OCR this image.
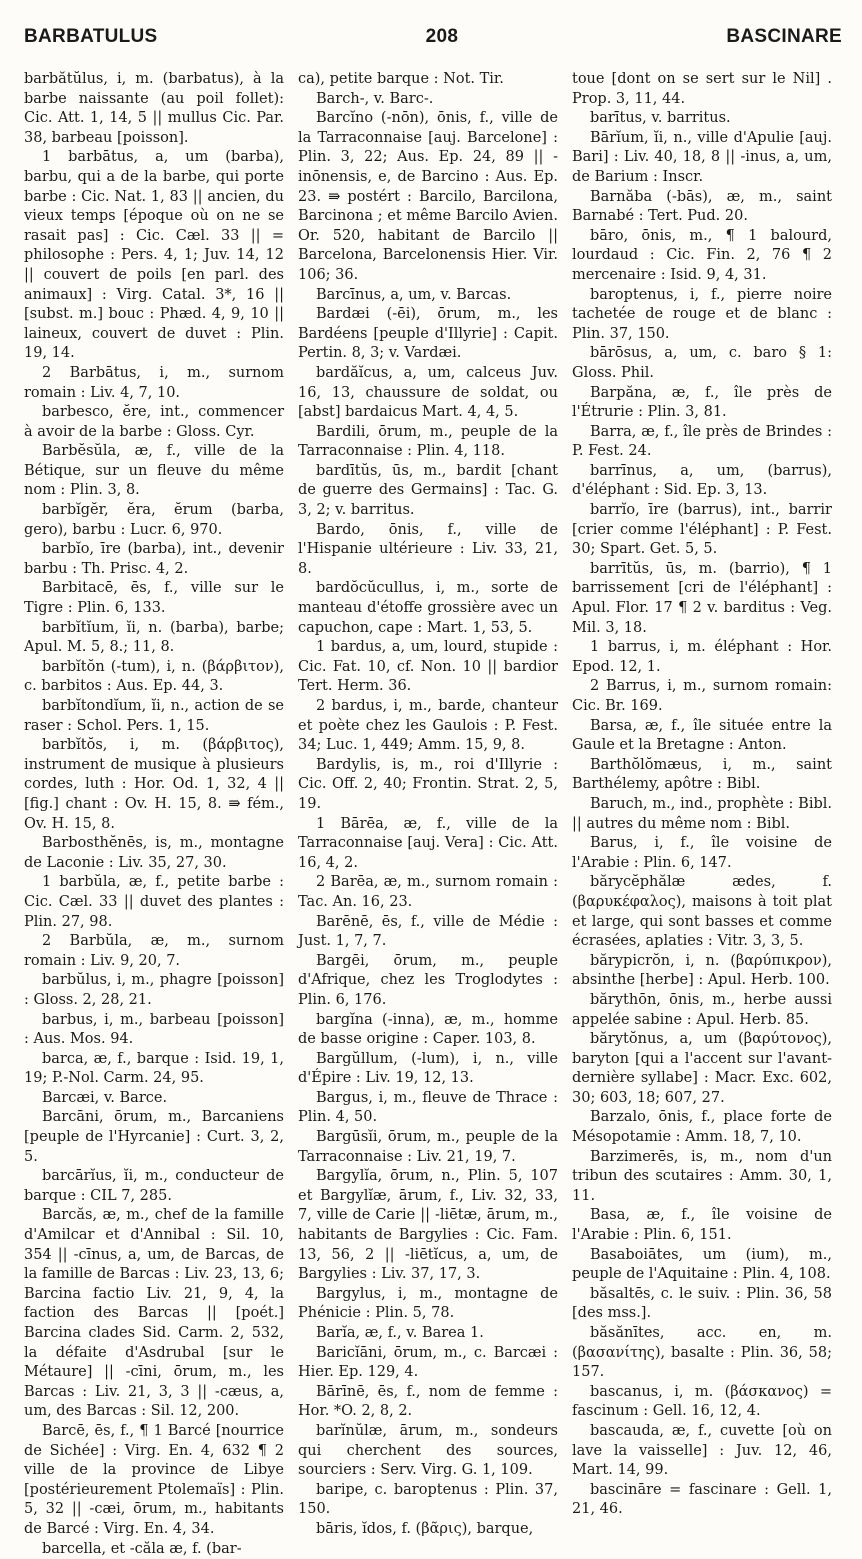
BARBATULUS	208	BASCINARE

barbătŭlus, i, m. (barbatus), à la barbe naissante (au poil follet): Cic. Att. 1, 14, 5 || mullus Cic. Par. 38, barbeau [poisson].

1 barbātus, a, um (barba), barbu, qui a de la barbe, qui porte barbe : Cic. Nat. 1, 83 || ancien, du vieux temps [époque où on ne se rasait pas] : Cic. Cæl. 33 || = philosophe : Pers. 4, 1; Juv. 14, 12 || couvert de poils [en parl. des animaux] : Virg. Catal. 3*, 16 || [subst. m.] bouc : Phæd. 4, 9, 10 || laineux, couvert de duvet : Plin. 19, 14.

2 Barbātus, i, m., surnom romain : Liv. 4, 7, 10.

barbesco, ĕre, int., commencer à avoir de la barbe : Gloss. Cyr.

Barbĕsŭla, æ, f., ville de la Bétique, sur un fleuve du même nom : Plin. 3, 8.

barbĭgĕr, ĕra, ĕrum (barba, gero), barbu : Lucr. 6, 970.

barbĭo, īre (barba), int., devenir barbu : Th. Prisc. 4, 2.

Barbitacē, ēs, f., ville sur le Tigre : Plin. 6, 133.

barbĭtĭum, ĭi, n. (barba), barbe; Apul. M. 5, 8.; 11, 8.

barbĭtŏn (-tum), i, n. (βάρβιτον), c. barbitos : Aus. Ep. 44, 3.

barbĭtondĭum, ĭi, n., action de se raser : Schol. Pers. 1, 15.

barbĭtŏs, i, m. (βάρβιτος), instrument de musique à plusieurs cordes, luth : Hor. Od. 1, 32, 4 || [fig.] chant : Ov. H. 15, 8. ⇛ fém., Ov. H. 15, 8.

Barbosthĕnēs, is, m., montagne de Laconie : Liv. 35, 27, 30.

1 barbŭla, æ, f., petite barbe : Cic. Cæl. 33 || duvet des plantes : Plin. 27, 98.

2 Barbŭla, æ, m., surnom romain : Liv. 9, 20, 7.

barbŭlus, i, m., phagre [poisson] : Gloss. 2, 28, 21.

barbus, i, m., barbeau [poisson] : Aus. Mos. 94.

barca, æ, f., barque : Isid. 19, 1, 19; P.-Nol. Carm. 24, 95.

Barcæi, v. Barce.

Barcāni, ōrum, m., Barcaniens [peuple de l'Hyrcanie] : Curt. 3, 2, 5.

barcārĭus, ĭi, m., conducteur de barque : CIL 7, 285.

Barcăs, æ, m., chef de la famille d'Amilcar et d'Annibal : Sil. 10, 354 || -cīnus, a, um, de Barcas, de la famille de Barcas : Liv. 23, 13, 6; Barcina factio Liv. 21, 9, 4, la faction des Barcas || [poét.] Barcina clades Sid. Carm. 2, 532, la défaite d'Asdrubal [sur le Métaure] || -cīni, ōrum, m., les Barcas : Liv. 21, 3, 3 || -cæus, a, um, des Barcas : Sil. 12, 200.

Barcē, ēs, f., ¶ 1 Barcé [nourrice de Sichée] : Virg. En. 4, 632 ¶ 2 ville de la province de Libye [postérieurement Ptolemaïs] : Plin. 5, 32 || -cæi, ōrum, m., habitants de Barcé : Virg. En. 4, 34.

barcella, et -căla æ, f. (bar-

ca), petite barque : Not. Tir.

Barch-, v. Barc-.

Barcĭno (-nōn), ōnis, f., ville de la Tarraconnaise [auj. Barcelone] : Plin. 3, 22; Aus. Ep. 24, 89 || -inōnensis, e, de Barcino : Aus. Ep. 23. ⇛ postért : Barcilo, Barcilona, Barcinona ; et même Barcilo Avien. Or. 520, habitant de Barcilo || Barcelona, Barcelonensis Hier. Vir. 106; 36.

Barcīnus, a, um, v. Barcas.

Bardæi (-ēi), ōrum, m., les Bardéens [peuple d'Illyrie] : Capit. Pertin. 8, 3; v. Vardæi.

bardăĭcus, a, um, calceus Juv. 16, 13, chaussure de soldat, ou [abst] bardaicus Mart. 4, 4, 5.

Bardili, ōrum, m., peuple de la Tarraconnaise : Plin. 4, 118.

bardītŭs, ūs, m., bardit [chant de guerre des Germains] : Tac. G. 3, 2; v. barritus.

Bardo, ōnis, f., ville de l'Hispanie ultérieure : Liv. 33, 21, 8.

bardŏcŭcullus, i, m., sorte de manteau d'étoffe grossière avec un capuchon, cape : Mart. 1, 53, 5.

1 bardus, a, um, lourd, stupide : Cic. Fat. 10, cf. Non. 10 || bardior Tert. Herm. 36.

2 bardus, i, m., barde, chanteur et poète chez les Gaulois : P. Fest. 34; Luc. 1, 449; Amm. 15, 9, 8.

Bardylis, is, m., roi d'Illyrie : Cic. Off. 2, 40; Frontin. Strat. 2, 5, 19.

1 Bārēa, æ, f., ville de la Tarraconnaise [auj. Vera] : Cic. Att. 16, 4, 2.

2 Barēa, æ, m., surnom romain : Tac. An. 16, 23.

Barēnē, ēs, f., ville de Médie : Just. 1, 7, 7.

Bargēi, ōrum, m., peuple d'Afrique, chez les Troglodytes : Plin. 6, 176.

bargĭna (-inna), æ, m., homme de basse origine : Caper. 103, 8.

Bargŭllum, (-lum), i, n., ville d'Épire : Liv. 19, 12, 13.

Bargus, i, m., fleuve de Thrace : Plin. 4, 50.

Bargūsĭi, ōrum, m., peuple de la Tarraconnaise : Liv. 21, 19, 7.

Bargylĭa, ōrum, n., Plin. 5, 107 et Bargylĭæ, ārum, f., Liv. 32, 33, 7, ville de Carie || -liētæ, ārum, m., habitants de Bargylies : Cic. Fam. 13, 56, 2 || -liētĭcus, a, um, de Bargylies : Liv. 37, 17, 3.

Bargylus, i, m., montagne de Phénicie : Plin. 5, 78.

Barĭa, æ, f., v. Barea 1.

Baricĭāni, ōrum, m., c. Barcæi : Hier. Ep. 129, 4.

Bārīnē, ēs, f., nom de femme : Hor. *O. 2, 8, 2.

barĭnŭlæ, ārum, m., sondeurs qui cherchent des sources, sourciers : Serv. Virg. G. 1, 109.

baripe, c. baroptenus : Plin. 37, 150.

bāris, ĭdos, f. (βᾶρις), barque,

toue [dont on se sert sur le Nil] . Prop. 3, 11, 44.

barītus, v. barritus.

Bārĭum, ĭi, n., ville d'Apulie [auj. Bari] : Liv. 40, 18, 8 || -inus, a, um, de Barium : Inscr.

Barnăba (-bās), æ, m., saint Barnabé : Tert. Pud. 20.

bāro, ōnis, m., ¶ 1 balourd, lourdaud : Cic. Fin. 2, 76 ¶ 2 mercenaire : Isid. 9, 4, 31.

baroptenus, i, f., pierre noire tachetée de rouge et de blanc : Plin. 37, 150.

bārōsus, a, um, c. baro § 1: Gloss. Phil.

Barpăna, æ, f., île près de l'Étrurie : Plin. 3, 81.

Barra, æ, f., île près de Brindes : P. Fest. 24.

barrīnus, a, um, (barrus), d'éléphant : Sid. Ep. 3, 13.

barrĭo, īre (barrus), int., barrir [crier comme l'éléphant] : P. Fest. 30; Spart. Get. 5, 5.

barrītŭs, ūs, m. (barrio), ¶ 1 barrissement [cri de l'éléphant] : Apul. Flor. 17 ¶ 2 v. barditus : Veg. Mil. 3, 18.

1 barrus, i, m. éléphant : Hor. Epod. 12, 1.

2 Barrus, i, m., surnom romain: Cic. Br. 169.

Barsa, æ, f., île située entre la Gaule et la Bretagne : Anton.

Barthŏlŏmæus, i, m., saint Barthélemy, apôtre : Bibl.

Baruch, m., ind., prophète : Bibl. || autres du même nom : Bibl.

Barus, i, f., île voisine de l'Arabie : Plin. 6, 147.

bărycĕphălæ ædes, f. (βαρυκέφαλος), maisons à toit plat et large, qui sont basses et comme écrasées, aplaties : Vitr. 3, 3, 5.

bărypicrŏn, i, n. (βαρύπικρον), absinthe [herbe] : Apul. Herb. 100.

bărythōn, ōnis, m., herbe aussi appelée sabine : Apul. Herb. 85.

bărytŏnus, a, um (βαρύτονος), baryton [qui a l'accent sur l'avant-dernière syllabe] : Macr. Exc. 602, 30; 603, 18; 607, 27.

Barzalo, ōnis, f., place forte de Mésopotamie : Amm. 18, 7, 10.

Barzimerēs, is, m., nom d'un tribun des scutaires : Amm. 30, 1, 11.

Basa, æ, f., île voisine de l'Arabie : Plin. 6, 151.

Basaboiātes, um (ium), m., peuple de l'Aquitaine : Plin. 4, 108.

băsaltēs, c. le suiv. : Plin. 36, 58 [des mss.].

băsănītes, acc. en, m. (βασανίτης), basalte : Plin. 36, 58; 157.

bascanus, i, m. (βάσκανος) = fascinum : Gell. 16, 12, 4.

bascauda, æ, f., cuvette [où on lave la vaisselle] : Juv. 12, 46, Mart. 14, 99.

bascināre = fascinare : Gell. 1, 21, 46.
